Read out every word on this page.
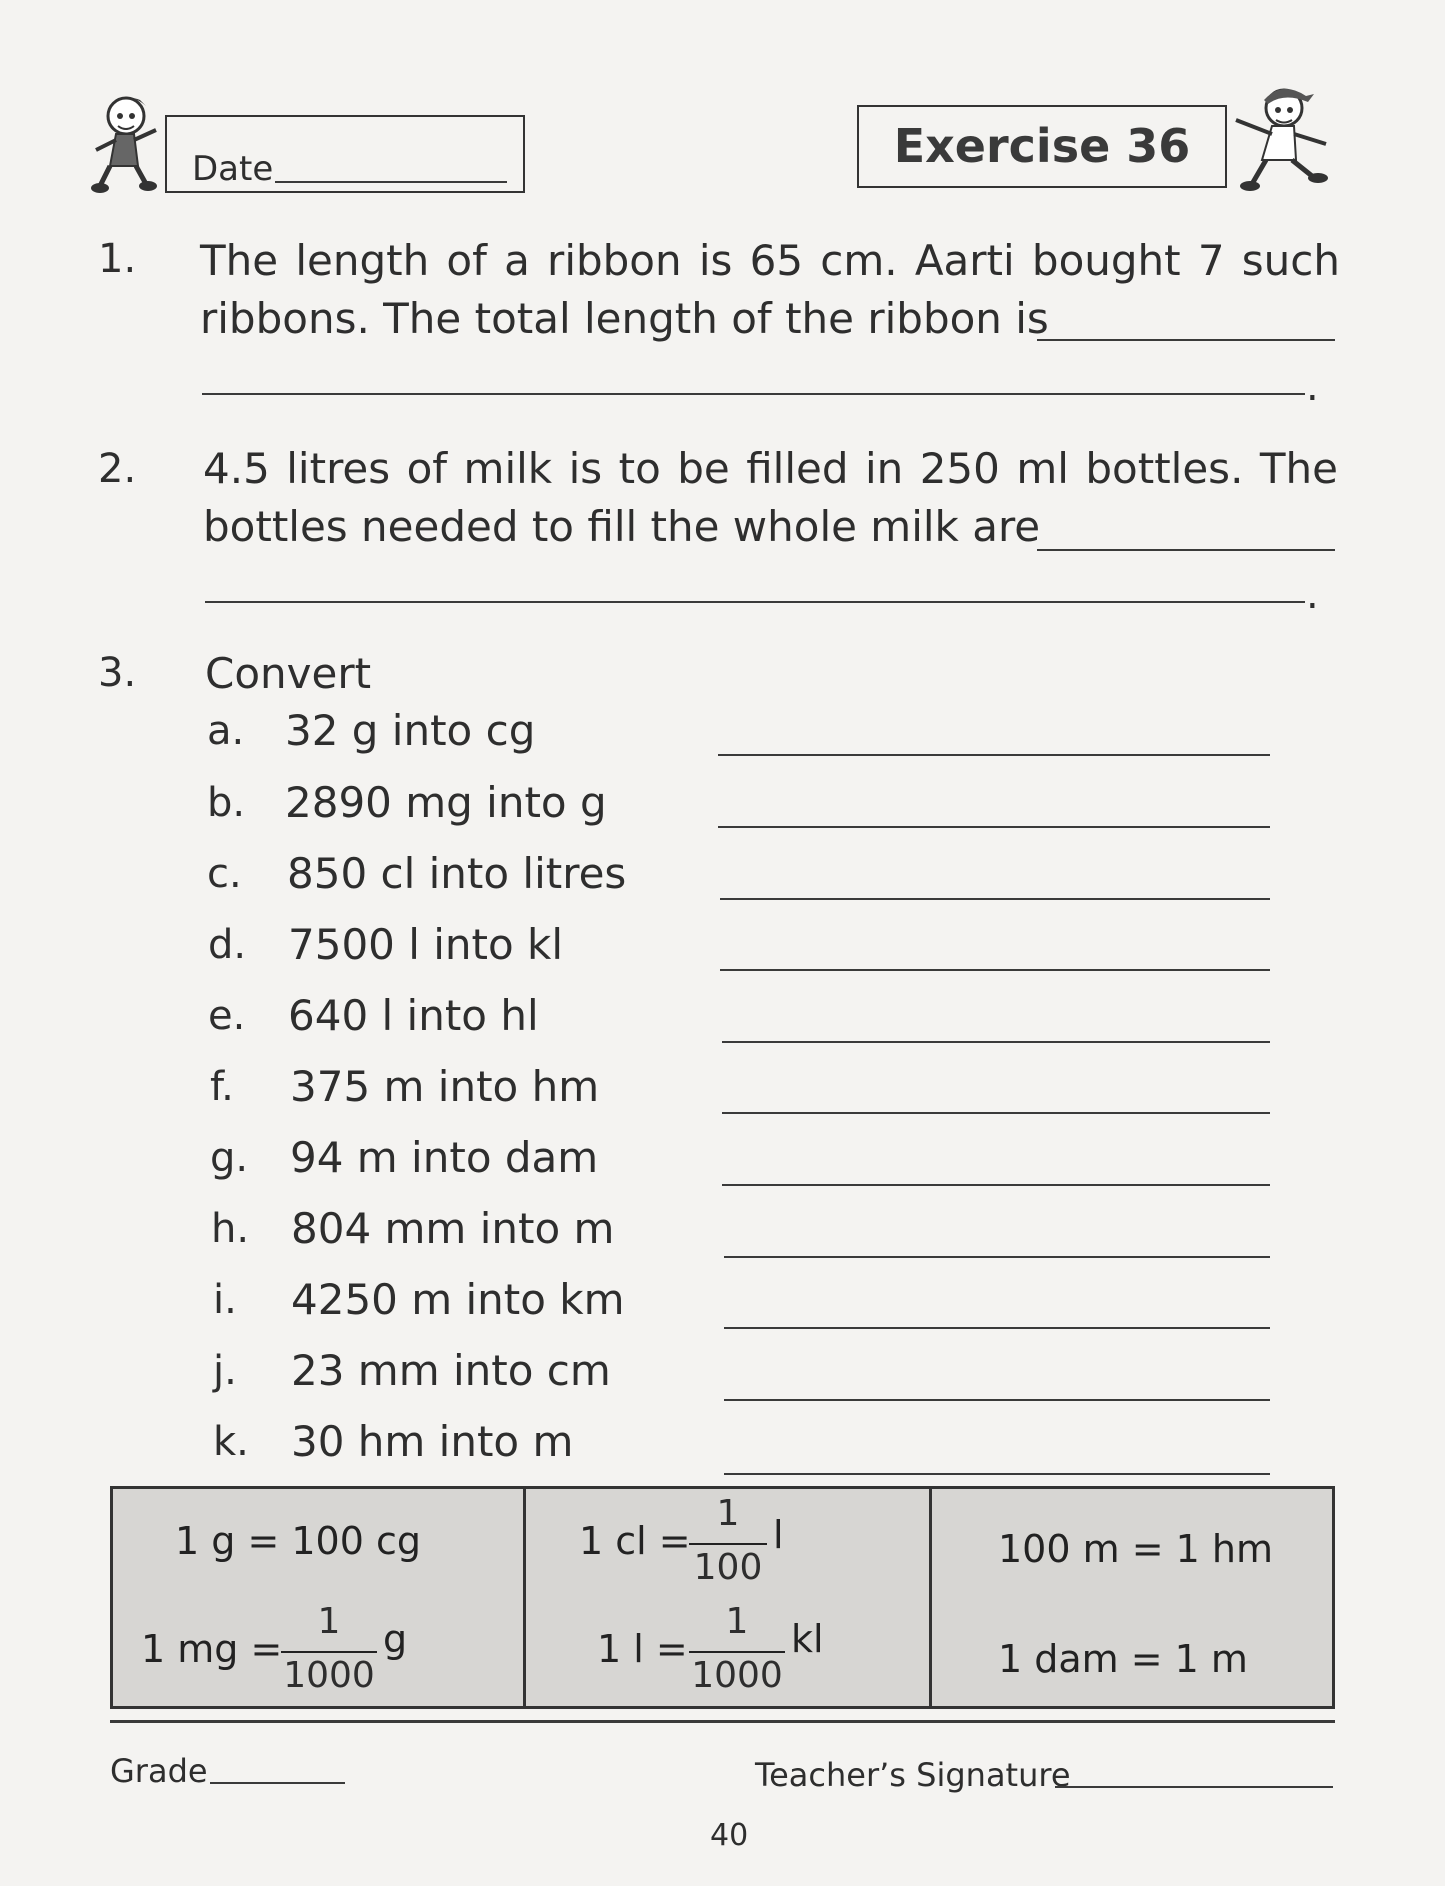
Date	Exercise 36
1. The length of a ribbon is 65 cm. Aarti bought 7 such ribbons. The total length of the ribbon is
.
2. 4.5 litres of milk is to be filled in 250 ml bottles. The bottles needed to fill the whole milk are
.
3. Convert
a. 32 g into cg
b. 2890 mg into g
c. 850 cl into litres
d. 7500 l into kl
e. 640 l into hl
f. 375 m into hm
g. 94 m into dam
h. 804 mm into m
i. 4250 m into km
j. 23 mm into cm
k. 30 hm into m
1 g = 100 cg
1 mg =
1
1000
g
1 cl =
1
100
l
1 l =
1
1000
kl
100 m = 1 hm
1 dam = 1 m
Grade	Teacher’s Signature
40
